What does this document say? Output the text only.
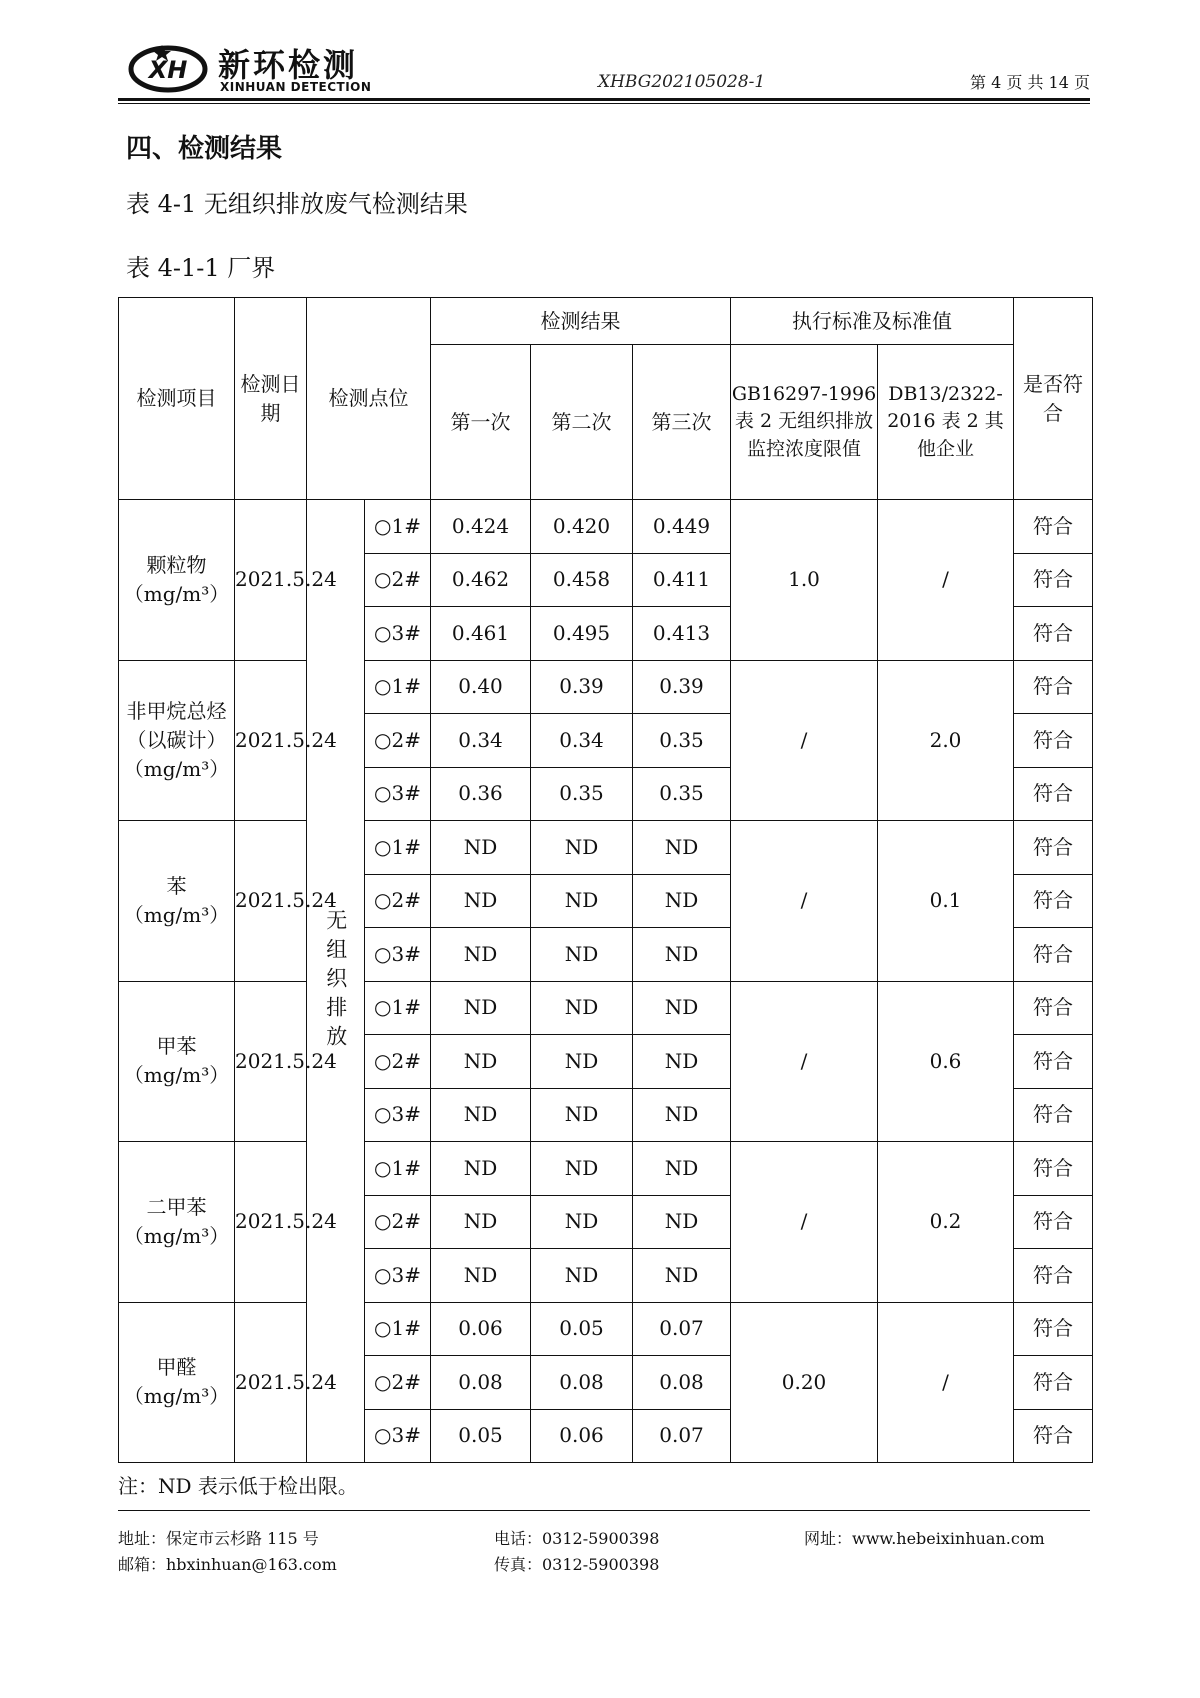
XH 新环检测
XINHUAN DETECTION	XHBG202105028-1	第 4 页 共 14 页
四、检测结果
表 4-1 无组织排放废气检测结果
表 4-1-1 厂界
检测项目	检测日期	检测点位		检测结果			执行标准及标准值		是否符合
				第一次	第二次	第三次	GB16297-1996 表 2 无组织排放监控浓度限值	DB13/2322-2016 表 2 其他企业	
颗粒物（mg/m³）	2021.5.24	无组织排放	○1#	0.424	0.420	0.449	1.0	/	符合
			○2#	0.462	0.458	0.411			符合
			○3#	0.461	0.495	0.413			符合
非甲烷总烃（以碳计）（mg/m³）	2021.5.24		○1#	0.40	0.39	0.39	/	2.0	符合
			○2#	0.34	0.34	0.35			符合
			○3#	0.36	0.35	0.35			符合
苯（mg/m³）	2021.5.24		○1#	ND	ND	ND	/	0.1	符合
			○2#	ND	ND	ND			符合
			○3#	ND	ND	ND			符合
甲苯（mg/m³）	2021.5.24		○1#	ND	ND	ND	/	0.6	符合
			○2#	ND	ND	ND			符合
			○3#	ND	ND	ND			符合
二甲苯（mg/m³）	2021.5.24		○1#	ND	ND	ND	/	0.2	符合
			○2#	ND	ND	ND			符合
			○3#	ND	ND	ND			符合
甲醛（mg/m³）	2021.5.24		○1#	0.06	0.05	0.07	0.20	/	符合
			○2#	0.08	0.08	0.08			符合
			○3#	0.05	0.06	0.07			符合
注：ND 表示低于检出限。
地址：保定市云杉路 115 号	电话：0312-5900398	网址：www.hebeixinhuan.com
邮箱：hbxinhuan@163.com	传真：0312-5900398
